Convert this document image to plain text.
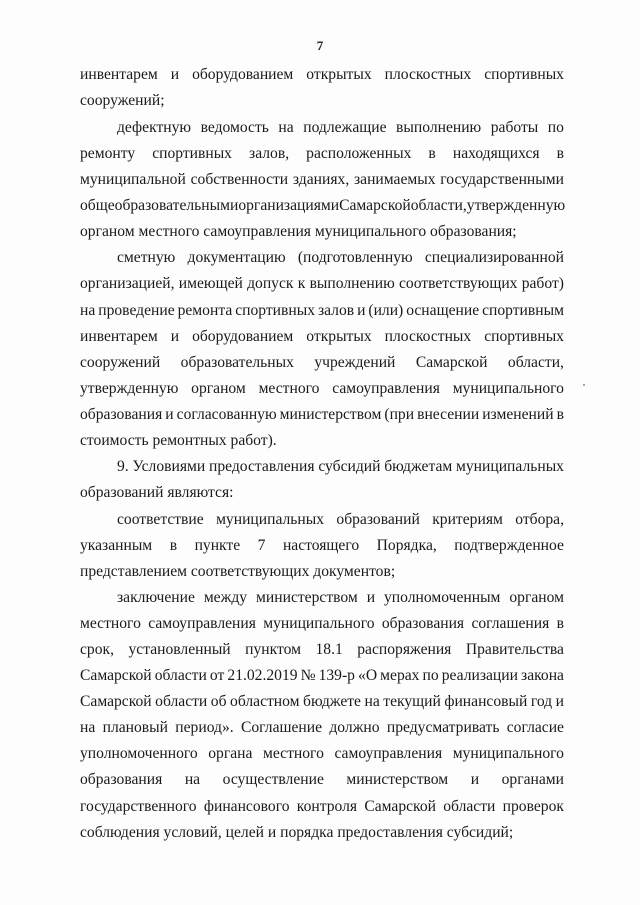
7
инвентарем и оборудованием открытых плоскостных спортивных
сооружений;
дефектную ведомость на подлежащие выполнению работы по
ремонту спортивных залов, расположенных в находящихся в
муниципальной собственности зданиях, занимаемых государственными
общеобразовательными организациями Самарской области, утвержденную
органом местного самоуправления муниципального образования;
сметную документацию (подготовленную специализированной
организацией, имеющей допуск к выполнению соответствующих работ)
на проведение ремонта спортивных залов и (или) оснащение спортивным
инвентарем и оборудованием открытых плоскостных спортивных
сооружений образовательных учреждений Самарской области,
утвержденную органом местного самоуправления муниципального
образования и согласованную министерством (при внесении изменений в
стоимость ремонтных работ).
9. Условиями предоставления субсидий бюджетам муниципальных
образований являются:
соответствие муниципальных образований критериям отбора,
указанным в пункте 7 настоящего Порядка, подтвержденное
представлением соответствующих документов;
заключение между министерством и уполномоченным органом
местного самоуправления муниципального образования соглашения в
срок, установленный пунктом 18.1 распоряжения Правительства
Самарской области от 21.02.2019 № 139-р «О мерах по реализации закона
Самарской области об областном бюджете на текущий финансовый год и
на плановый период». Соглашение должно предусматривать согласие
уполномоченного органа местного самоуправления муниципального
образования на осуществление министерством и органами
государственного финансового контроля Самарской области проверок
соблюдения условий, целей и порядка предоставления субсидий;
